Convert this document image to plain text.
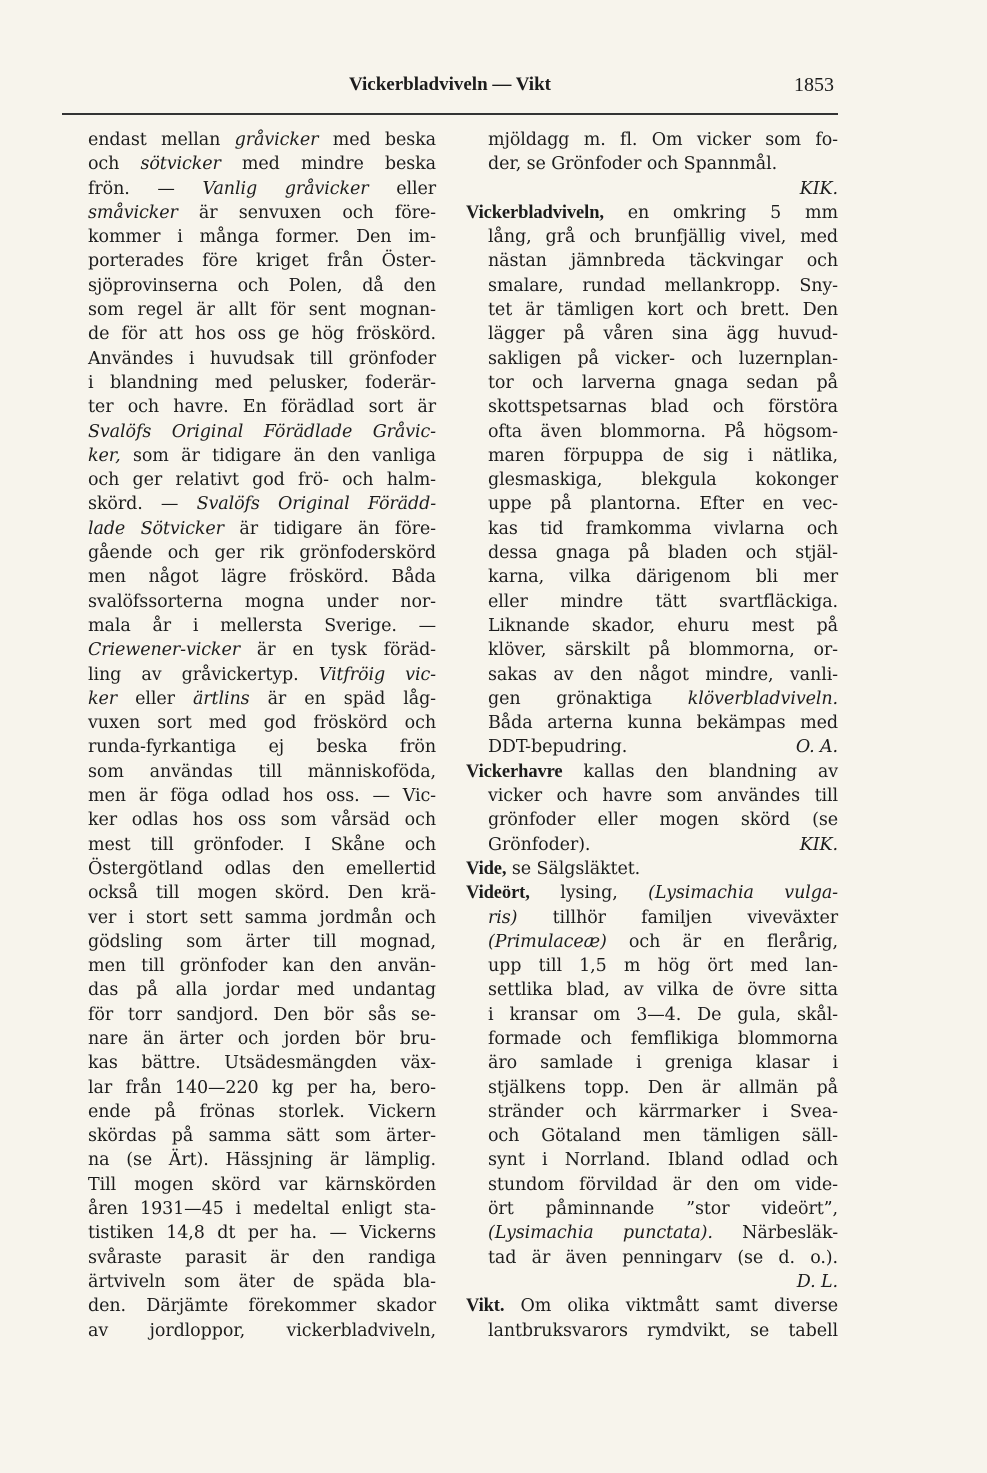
Vickerbladviveln — Vikt	1853
endast mellan gråvicker med beska
och sötvicker med mindre beska
frön. — Vanlig gråvicker eller
småvicker är senvuxen och före-
kommer i många former. Den im-
porterades före kriget från Öster-
sjöprovinserna och Polen, då den
som regel är allt för sent mognan-
de för att hos oss ge hög fröskörd.
Användes i huvudsak till grönfoder
i blandning med pelusker, foderär-
ter och havre. En förädlad sort är
Svalöfs Original Förädlade Gråvic-
ker, som är tidigare än den vanliga
och ger relativt god frö- och halm-
skörd. — Svalöfs Original Förädd-
lade Sötvicker är tidigare än före-
gående och ger rik grönfoderskörd
men något lägre fröskörd. Båda
svalöfssorterna mogna under nor-
mala år i mellersta Sverige. —
Criewener-vicker är en tysk föräd-
ling av gråvickertyp. Vitfröig vic-
ker eller ärtlins är en späd låg-
vuxen sort med god fröskörd och
runda-fyrkantiga ej beska frön
som användas till människoföda,
men är föga odlad hos oss. — Vic-
ker odlas hos oss som vårsäd och
mest till grönfoder. I Skåne och
Östergötland odlas den emellertid
också till mogen skörd. Den krä-
ver i stort sett samma jordmån och
gödsling som ärter till mognad,
men till grönfoder kan den använ-
das på alla jordar med undantag
för torr sandjord. Den bör sås se-
nare än ärter och jorden bör bru-
kas bättre. Utsädesmängden väx-
lar från 140—220 kg per ha, bero-
ende på frönas storlek. Vickern
skördas på samma sätt som ärter-
na (se Ärt). Hässjning är lämplig.
Till mogen skörd var kärnskörden
åren 1931—45 i medeltal enligt sta-
tistiken 14,8 dt per ha. — Vickerns
svåraste parasit är den randiga
ärtviveln som äter de späda bla-
den. Därjämte förekommer skador
av jordloppor, vickerbladviveln,
mjöldagg m. fl. Om vicker som fo-
der, se Grönfoder och Spannmål.
KIK.
Vickerbladviveln, en omkring 5 mm
lång, grå och brunfjällig vivel, med
nästan jämnbreda täckvingar och
smalare, rundad mellankropp. Sny-
tet är tämligen kort och brett. Den
lägger på våren sina ägg huvud-
sakligen på vicker- och luzernplan-
tor och larverna gnaga sedan på
skottspetsarnas blad och förstöra
ofta även blommorna. På högsom-
maren förpuppa de sig i nätlika,
glesmaskiga, blekgula kokonger
uppe på plantorna. Efter en vec-
kas tid framkomma vivlarna och
dessa gnaga på bladen och stjäl-
karna, vilka därigenom bli mer
eller mindre tätt svartfläckiga.
Liknande skador, ehuru mest på
klöver, särskilt på blommorna, or-
sakas av den något mindre, vanli-
gen grönaktiga klöverbladviveln.
Båda arterna kunna bekämpas med
DDT-bepudring.	O. A.
Vickerhavre kallas den blandning av
vicker och havre som användes till
grönfoder eller mogen skörd (se
Grönfoder).	KIK.
Vide, se Sälgsläktet.
Videört, lysing, (Lysimachia vulga-
ris) tillhör familjen viveväxter
(Primulaceæ) och är en flerårig,
upp till 1,5 m hög ört med lan-
settlika blad, av vilka de övre sitta
i kransar om 3—4. De gula, skål-
formade och femflikiga blommorna
äro samlade i greniga klasar i
stjälkens topp. Den är allmän på
stränder och kärrmarker i Svea-
och Götaland men tämligen säll-
synt i Norrland. Ibland odlad och
stundom förvildad är den om vide-
ört påminnande ”stor videört”,
(Lysimachia punctata). Närbesläk-
tad är även penningarv (se d. o.).
D. L.
Vikt. Om olika viktmått samt diverse
lantbruksvarors rymdvikt, se tabell
